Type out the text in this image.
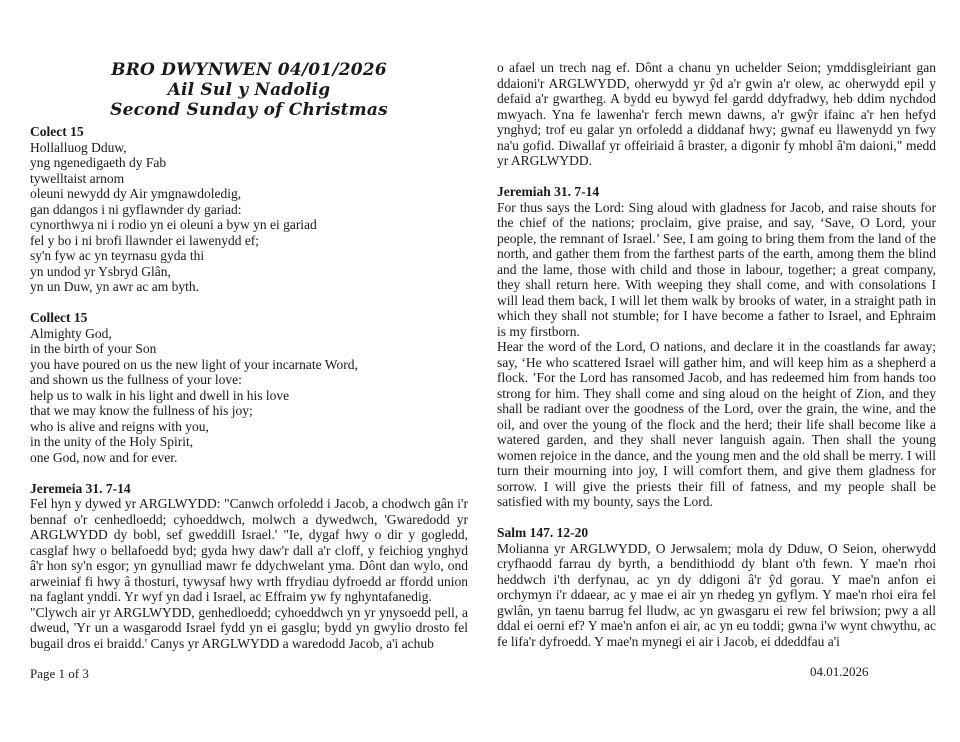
BRO DWYNWEN 04/01/2026
Ail Sul y Nadolig
Second Sunday of Christmas
Colect 15
Hollalluog Dduw,
yng ngenedigaeth dy Fab
tywelltaist arnom
oleuni newydd dy Air ymgnawdoledig,
gan ddangos i ni gyflawnder dy gariad:
cynorthwya ni i rodio yn ei oleuni a byw yn ei gariad
fel y bo i ni brofi llawnder ei lawenydd ef;
sy'n fyw ac yn teyrnasu gyda thi
yn undod yr Ysbryd Glân,
yn un Duw, yn awr ac am byth.
Collect 15
Almighty God,
in the birth of your Son
you have poured on us the new light of your incarnate Word,
and shown us the fullness of your love:
help us to walk in his light and dwell in his love
that we may know the fullness of his joy;
who is alive and reigns with you,
in the unity of the Holy Spirit,
one God, now and for ever.
Jeremeia 31. 7-14

Fel hyn y dywed yr ARGLWYDD: "Canwch orfoledd i Jacob, a chodwch gân i'r bennaf o'r cenhedloedd; cyhoeddwch, molwch a dywedwch, 'Gwaredodd yr ARGLWYDD dy bobl, sef gweddill Israel.' "Ie, dygaf hwy o dir y gogledd, casglaf hwy o bellafoedd byd; gyda hwy daw'r dall a'r cloff, y feichiog ynghyd â'r hon sy'n esgor; yn gynulliad mawr fe ddychwelant yma. Dônt dan wylo, ond arweiniaf fi hwy â thosturi, tywysaf hwy wrth ffrydiau dyfroedd ar ffordd union na faglant ynddi. Yr wyf yn dad i Israel, ac Effraim yw fy nghyntafanedig.

"Clywch air yr ARGLWYDD, genhedloedd; cyhoeddwch yn yr ynysoedd pell, a dweud, 'Yr un a wasgarodd Israel fydd yn ei gasglu; bydd yn gwylio drosto fel bugail dros ei braidd.' Canys yr ARGLWYDD a waredodd Jacob, a'i achub

o afael un trech nag ef. Dônt a chanu yn uchelder Seion; ymddisgleiriant gan ddaioni'r ARGLWYDD, oherwydd yr ŷd a'r gwin a'r olew, ac oherwydd epil y defaid a'r gwartheg. A bydd eu bywyd fel gardd ddyfradwy, heb ddim nychdod mwyach. Yna fe lawenha'r ferch mewn dawns, a'r gwŷr ifainc a'r hen hefyd ynghyd; trof eu galar yn orfoledd a diddanaf hwy; gwnaf eu llawenydd yn fwy na'u gofid. Diwallaf yr offeiriaid â braster, a digonir fy mhobl â'm daioni," medd yr ARGLWYDD.

Jeremiah 31. 7-14

For thus says the Lord: Sing aloud with gladness for Jacob, and raise shouts for the chief of the nations; proclaim, give praise, and say, ‘Save, O Lord, your people, the remnant of Israel.’ See, I am going to bring them from the land of the north, and gather them from the farthest parts of the earth, among them the blind and the lame, those with child and those in labour, together; a great company, they shall return here. With weeping they shall come, and with consolations I will lead them back, I will let them walk by brooks of water, in a straight path in which they shall not stumble; for I have become a father to Israel, and Ephraim is my firstborn.

Hear the word of the Lord, O nations, and declare it in the coastlands far away; say, ‘He who scattered Israel will gather him, and will keep him as a shepherd a flock. ’For the Lord has ransomed Jacob, and has redeemed him from hands too strong for him. They shall come and sing aloud on the height of Zion, and they shall be radiant over the goodness of the Lord, over the grain, the wine, and the oil, and over the young of the flock and the herd; their life shall become like a watered garden, and they shall never languish again. Then shall the young women rejoice in the dance, and the young men and the old shall be merry. I will turn their mourning into joy, I will comfort them, and give them gladness for sorrow. I will give the priests their fill of fatness, and my people shall be satisfied with my bounty, says the Lord.

Salm 147. 12-20

Molianna yr ARGLWYDD, O Jerwsalem; mola dy Dduw, O Seion, oherwydd cryfhaodd farrau dy byrth, a bendithiodd dy blant o'th fewn. Y mae'n rhoi heddwch i'th derfynau, ac yn dy ddigoni â'r ŷd gorau. Y mae'n anfon ei orchymyn i'r ddaear, ac y mae ei air yn rhedeg yn gyflym. Y mae'n rhoi eira fel gwlân, yn taenu barrug fel lludw, ac yn gwasgaru ei rew fel briwsion; pwy a all ddal ei oerni ef? Y mae'n anfon ei air, ac yn eu toddi; gwna i'w wynt chwythu, ac fe lifa'r dyfroedd. Y mae'n mynegi ei air i Jacob, ei ddeddfau a'i

Page 1 of 3	04.01.2026
